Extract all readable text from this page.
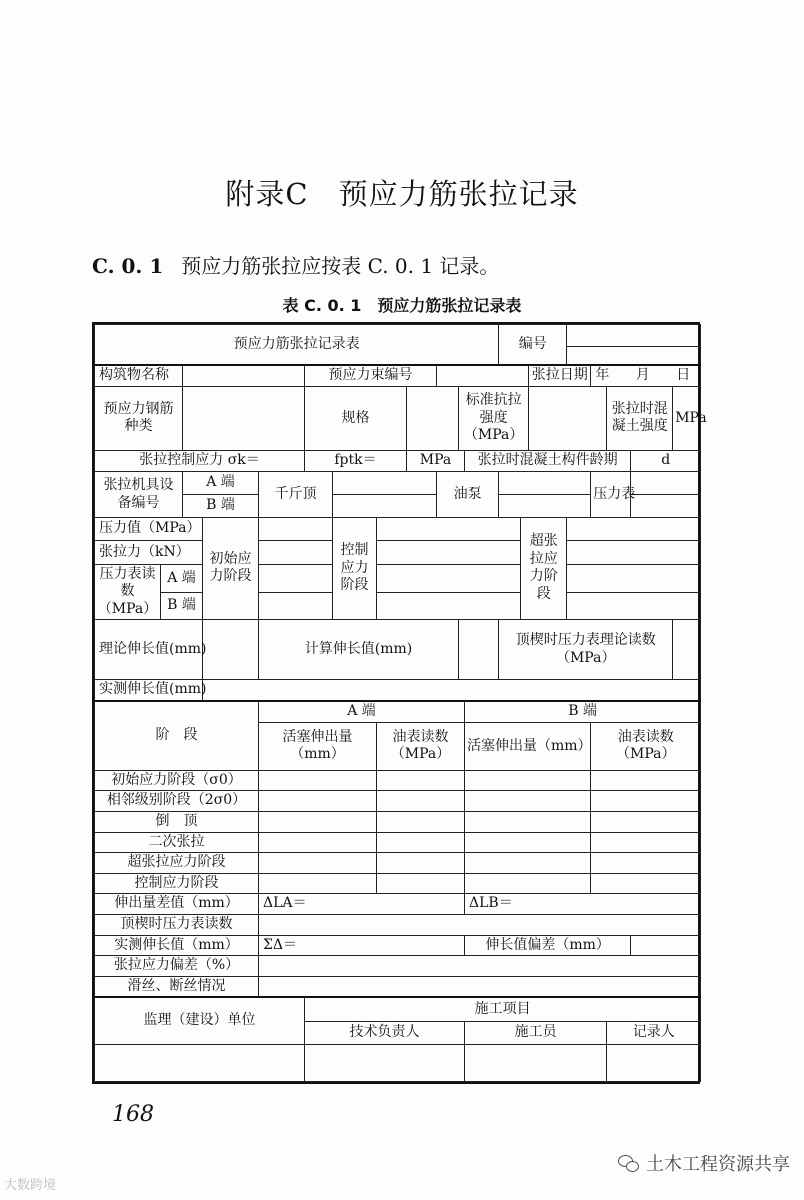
附录C　预应力筋张拉记录
C. 0. 1 预应力筋张拉应按表 C. 0. 1 记录。
表 C. 0. 1　预应力筋张拉记录表
预应力筋张拉记录表												编号							

构筑物名称					预应力束编号									张拉日期		年 月 日			
预应力钢筋种类					规格					标准抗拉强度（MPa）							张拉时混凝土强度		MPa
张拉控制应力 σk＝					fptk＝			MPa			张拉时混凝土构件龄期							d	
张拉机具设备编号		A 端		千斤顶					油泵							压力表			
		B 端																	
压力值（MPa）			初始应力阶段			控制应力阶段							超张拉应力阶段						
张拉力（kN）																			
压力表读数（MPa）	A 端																		
	B 端																		
理论伸长值(mm)				计算伸长值(mm)								顶楔时压力表理论读数（MPa）							
实测伸长值(mm)																			
阶　段				A 端							B 端								
				活塞伸出量（mm）			油表读数（MPa）				活塞伸出量（mm）					油表读数（MPa）			
初始应力阶段（σ0）																			
相邻级别阶段（2σ0）																			
倒　顶																			
二次张拉																			
超张拉应力阶段																			
控制应力阶段																			
伸出量差值（mm）				ΔLA＝							ΔLB＝								
顶楔时压力表读数																			
实测伸长值（mm）				ΣΔ＝							伸长值偏差（mm）								
张拉应力偏差（%）																			
滑丝、断丝情况																			
监理（建设）单位					施工项目														
					技术负责人						施工员						记录人		

168
大数跨境
土木工程资源共享
